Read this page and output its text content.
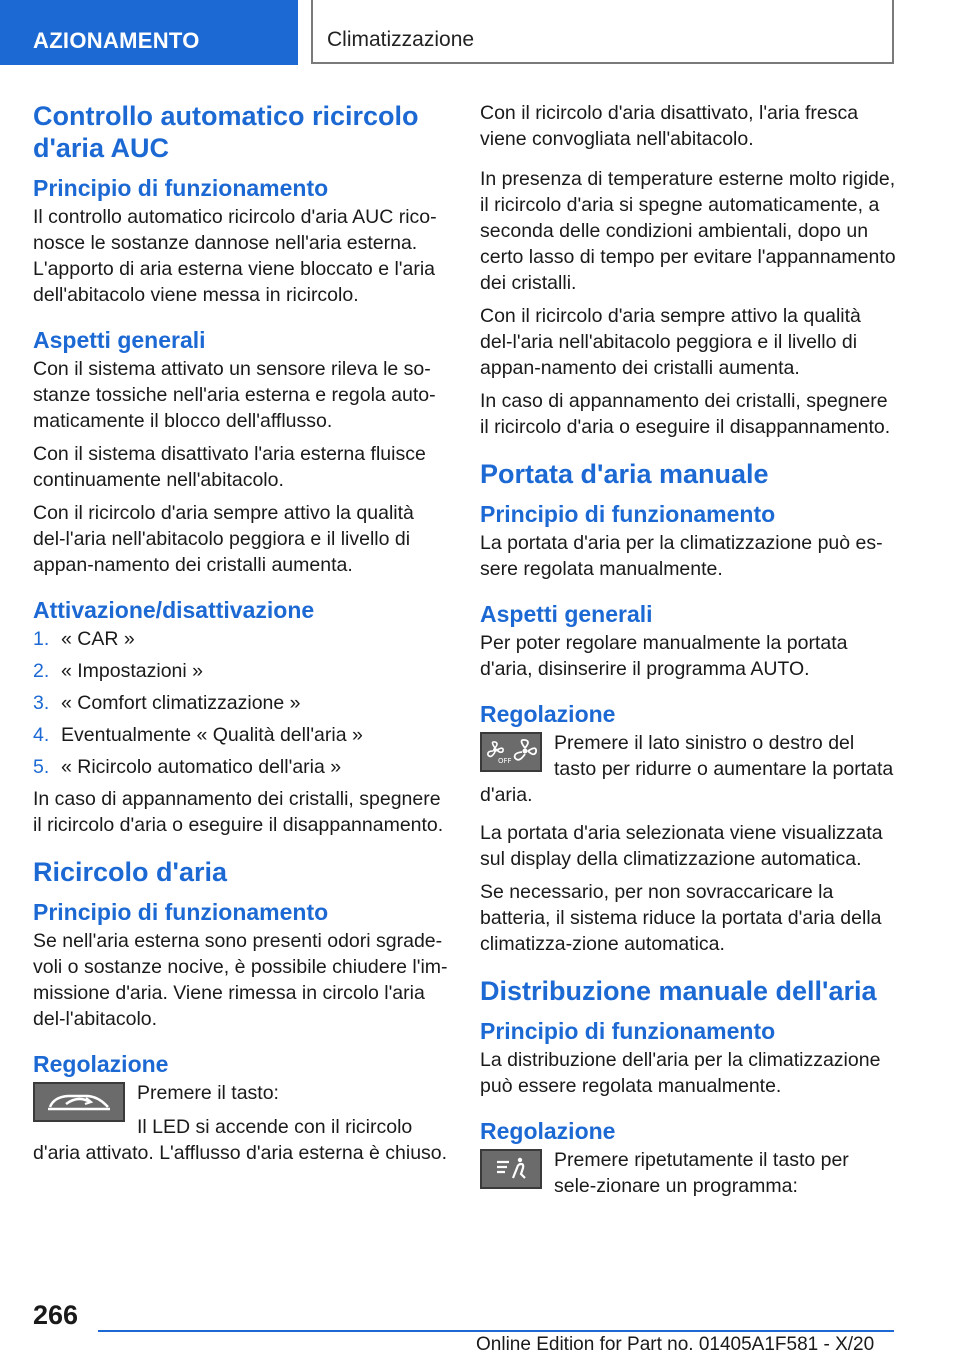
AZIONAMENTO	Climatizzazione
Controllo automatico ricircolo d'aria AUC
Principio di funzionamento

Il controllo automatico ricircolo d'aria AUC rico-nosce le sostanze dannose nell'aria esterna. L'apporto di aria esterna viene bloccato e l'aria dell'abitacolo viene messa in ricircolo.

Aspetti generali

Con il sistema attivato un sensore rileva le so-stanze tossiche nell'aria esterna e regola auto-maticamente il blocco dell'afflusso.

Con il sistema disattivato l'aria esterna fluisce continuamente nell'abitacolo.

Con il ricircolo d'aria sempre attivo la qualità del-l'aria nell'abitacolo peggiora e il livello di appan-namento dei cristalli aumenta.

Attivazione/disattivazione
1. « CAR »
2. « Impostazioni »
3. « Comfort climatizzazione »
4. Eventualmente « Qualità dell'aria »
5. « Ricircolo automatico dell'aria »

In caso di appannamento dei cristalli, spegnere il ricircolo d'aria o eseguire il disappannamento.

Ricircolo d'aria
Principio di funzionamento

Se nell'aria esterna sono presenti odori sgrade-voli o sostanze nocive, è possibile chiudere l'im-missione d'aria. Viene rimessa in circolo l'aria del-l'abitacolo.

Regolazione

Premere il tasto:

Il LED si accende con il ricircolo d'aria attivato. L'afflusso d'aria esterna è chiuso.

Con il ricircolo d'aria disattivato, l'aria fresca viene convogliata nell'abitacolo.

In presenza di temperature esterne molto rigide, il ricircolo d'aria si spegne automaticamente, a seconda delle condizioni ambientali, dopo un certo lasso di tempo per evitare l'appannamento dei cristalli.

Con il ricircolo d'aria sempre attivo la qualità del-l'aria nell'abitacolo peggiora e il livello di appan-namento dei cristalli aumenta.

In caso di appannamento dei cristalli, spegnere il ricircolo d'aria o eseguire il disappannamento.

Portata d'aria manuale
Principio di funzionamento

La portata d'aria per la climatizzazione può es-sere regolata manualmente.

Aspetti generali

Per poter regolare manualmente la portata d'aria, disinserire il programma AUTO.

Regolazione
OFF

Premere il lato sinistro o destro del tasto per ridurre o aumentare la portata d'aria.

La portata d'aria selezionata viene visualizzata sul display della climatizzazione automatica.

Se necessario, per non sovraccaricare la batteria, il sistema riduce la portata d'aria della climatizza-zione automatica.

Distribuzione manuale dell'aria
Principio di funzionamento

La distribuzione dell'aria per la climatizzazione può essere regolata manualmente.

Regolazione

Premere ripetutamente il tasto per sele-zionare un programma:

266
Online Edition for Part no. 01405A1F581 - X/20
